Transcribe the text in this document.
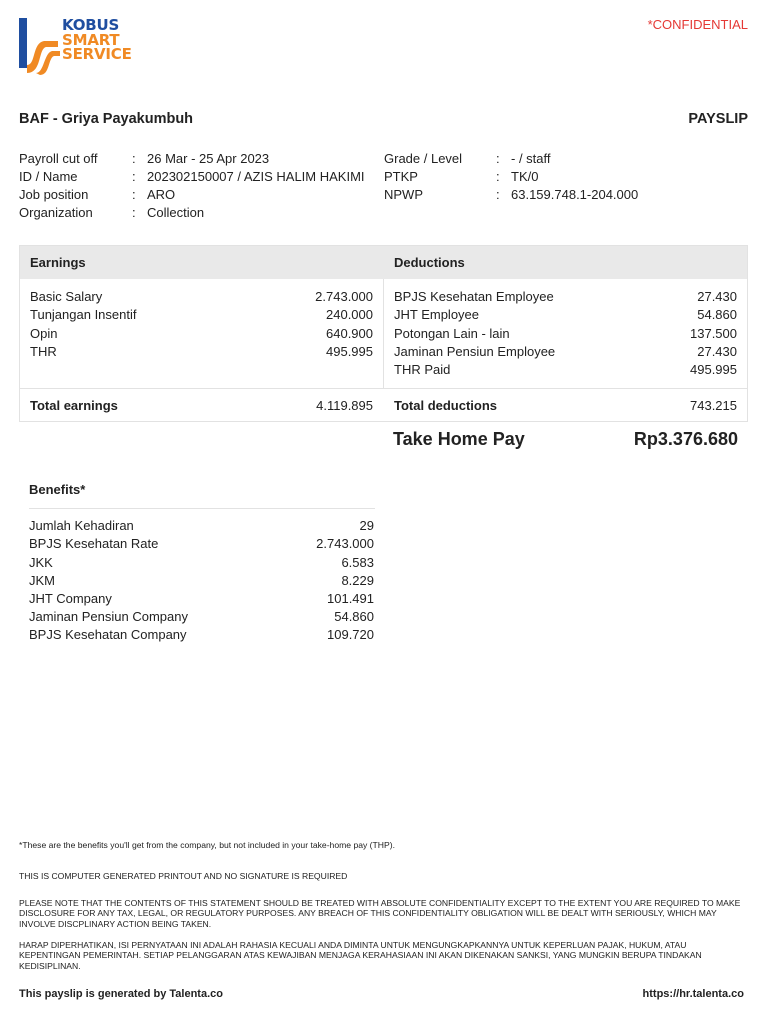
KOBUS
SMART
SERVICE
*CONFIDENTIAL
BAF - Griya Payakumbuh	PAYSLIP
Payroll cut off	: 26 Mar - 25 Apr 2023
ID / Name	: 202302150007 / AZIS HALIM HAKIMI
Job position	: ARO
Organization	: Collection
Grade / Level	: - / staff
PTKP	: TK/0
NPWP	: 63.159.748.1-204.000
Earnings	Deductions
Basic Salary	2.743.000
Tunjangan Insentif	240.000
Opin	640.900
THR	495.995
BPJS Kesehatan Employee	27.430
JHT Employee	54.860
Potongan Lain - lain	137.500
Jaminan Pensiun Employee	27.430
THR Paid	495.995
Total earnings	4.119.895 Total deductions	743.215
Take Home Pay	Rp3.376.680
Benefits*
Jumlah Kehadiran	29
BPJS Kesehatan Rate	2.743.000
JKK	6.583
JKM	8.229
JHT Company	101.491
Jaminan Pensiun Company	54.860
BPJS Kesehatan Company	109.720
*These are the benefits you'll get from the company, but not included in your take-home pay (THP).
THIS IS COMPUTER GENERATED PRINTOUT AND NO SIGNATURE IS REQUIRED
PLEASE NOTE THAT THE CONTENTS OF THIS STATEMENT SHOULD BE TREATED WITH ABSOLUTE CONFIDENTIALITY EXCEPT TO THE EXTENT YOU ARE REQUIRED TO MAKE DISCLOSURE FOR ANY TAX, LEGAL, OR REGULATORY PURPOSES. ANY BREACH OF THIS CONFIDENTIALITY OBLIGATION WILL BE DEALT WITH SERIOUSLY, WHICH MAY INVOLVE DISCPLINARY ACTION BEING TAKEN.
HARAP DIPERHATIKAN, ISI PERNYATAAN INI ADALAH RAHASIA KECUALI ANDA DIMINTA UNTUK MENGUNGKAPKANNYA UNTUK KEPERLUAN PAJAK, HUKUM, ATAU KEPENTINGAN PEMERINTAH. SETIAP PELANGGARAN ATAS KEWAJIBAN MENJAGA KERAHASIAAN INI AKAN DIKENAKAN SANKSI, YANG MUNGKIN BERUPA TINDAKAN KEDISIPLINAN.
This payslip is generated by Talenta.co	https://hr.talenta.co
